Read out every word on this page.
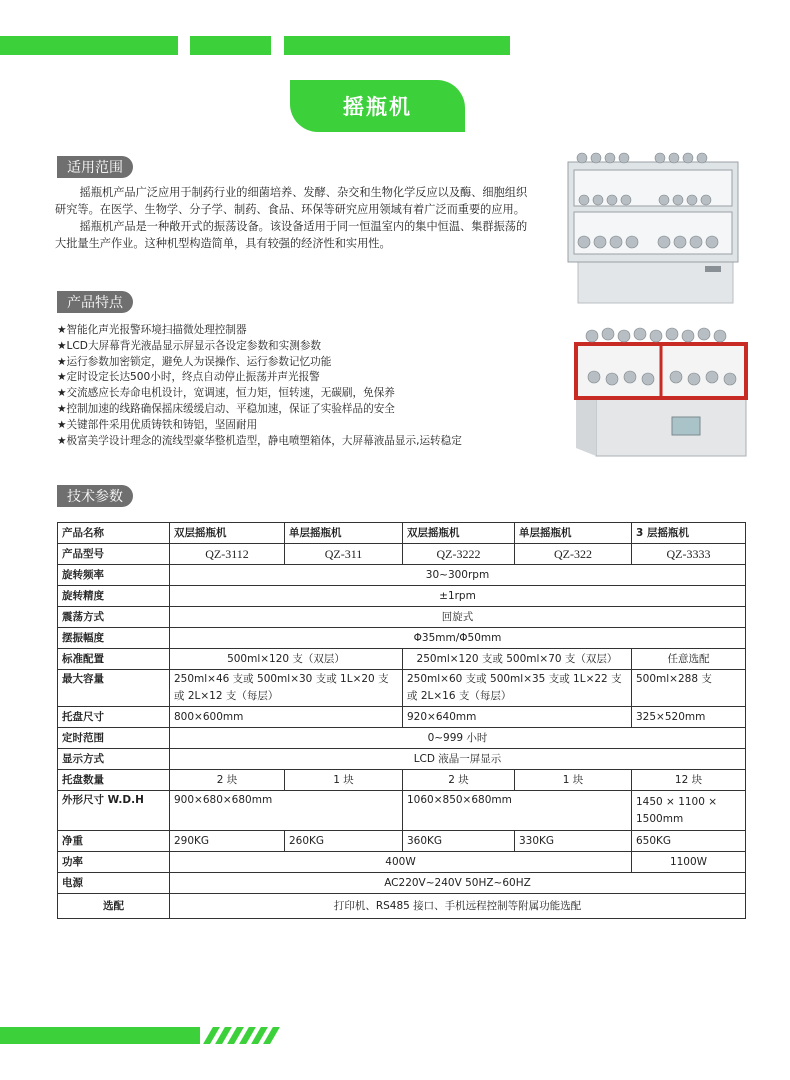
摇瓶机
适用范围

摇瓶机产品广泛应用于制药行业的细菌培养、发酵、杂交和生物化学反应以及酶、细胞组织研究等。在医学、生物学、分子学、制药、食品、环保等研究应用领域有着广泛而重要的应用。

摇瓶机产品是一种敞开式的振荡设备。该设备适用于同一恒温室内的集中恒温、集群振荡的大批量生产作业。这种机型构造简单，具有较强的经济性和实用性。

产品特点
★智能化声光报警环境扫描微处理控制器
★LCD大屏幕背光液晶显示屏显示各设定参数和实测参数
★运行参数加密锁定，避免人为误操作、运行参数记忆功能
★定时设定长达500小时，终点自动停止振荡并声光报警
★交流感应长寿命电机设计，宽调速，恒力矩，恒转速，无碳刷，免保养
★控制加速的线路确保摇床缓缓启动、平稳加速，保证了实验样品的安全
★关键部件采用优质铸铁和铸铝，坚固耐用
★极富美学设计理念的流线型豪华整机造型，静电喷塑箱体，大屏幕液晶显示,运转稳定
技术参数
产品名称	双层摇瓶机	单层摇瓶机	双层摇瓶机	单层摇瓶机	3 层摇瓶机
产品型号	QZ-3112	QZ-311	QZ-3222	QZ-322	QZ-3333
旋转频率	30~300rpm				
旋转精度	±1rpm				
震荡方式	回旋式				
摆振幅度	Φ35mm/Φ50mm				
标准配置	500ml×120 支（双层）		250ml×120 支或 500ml×70 支（双层）		任意选配
最大容量	250ml×46 支或 500ml×30 支或 1L×20 支或 2L×12 支（每层）		250ml×60 支或 500ml×35 支或 1L×22 支或 2L×16 支（每层）		500ml×288 支
托盘尺寸	800×600mm		920×640mm		325×520mm
定时范围	0~999 小时				
显示方式	LCD 液晶一屏显示				
托盘数量	2 块	1 块	2 块	1 块	12 块
外形尺寸 W.D.H	900×680×680mm		1060×850×680mm		1450 × 1100 × 1500mm
净重	290KG	260KG	360KG	330KG	650KG
功率	400W				1100W
电源	AC220V~240V 50HZ~60HZ				
选配	打印机、RS485 接口、手机远程控制等附属功能选配				
